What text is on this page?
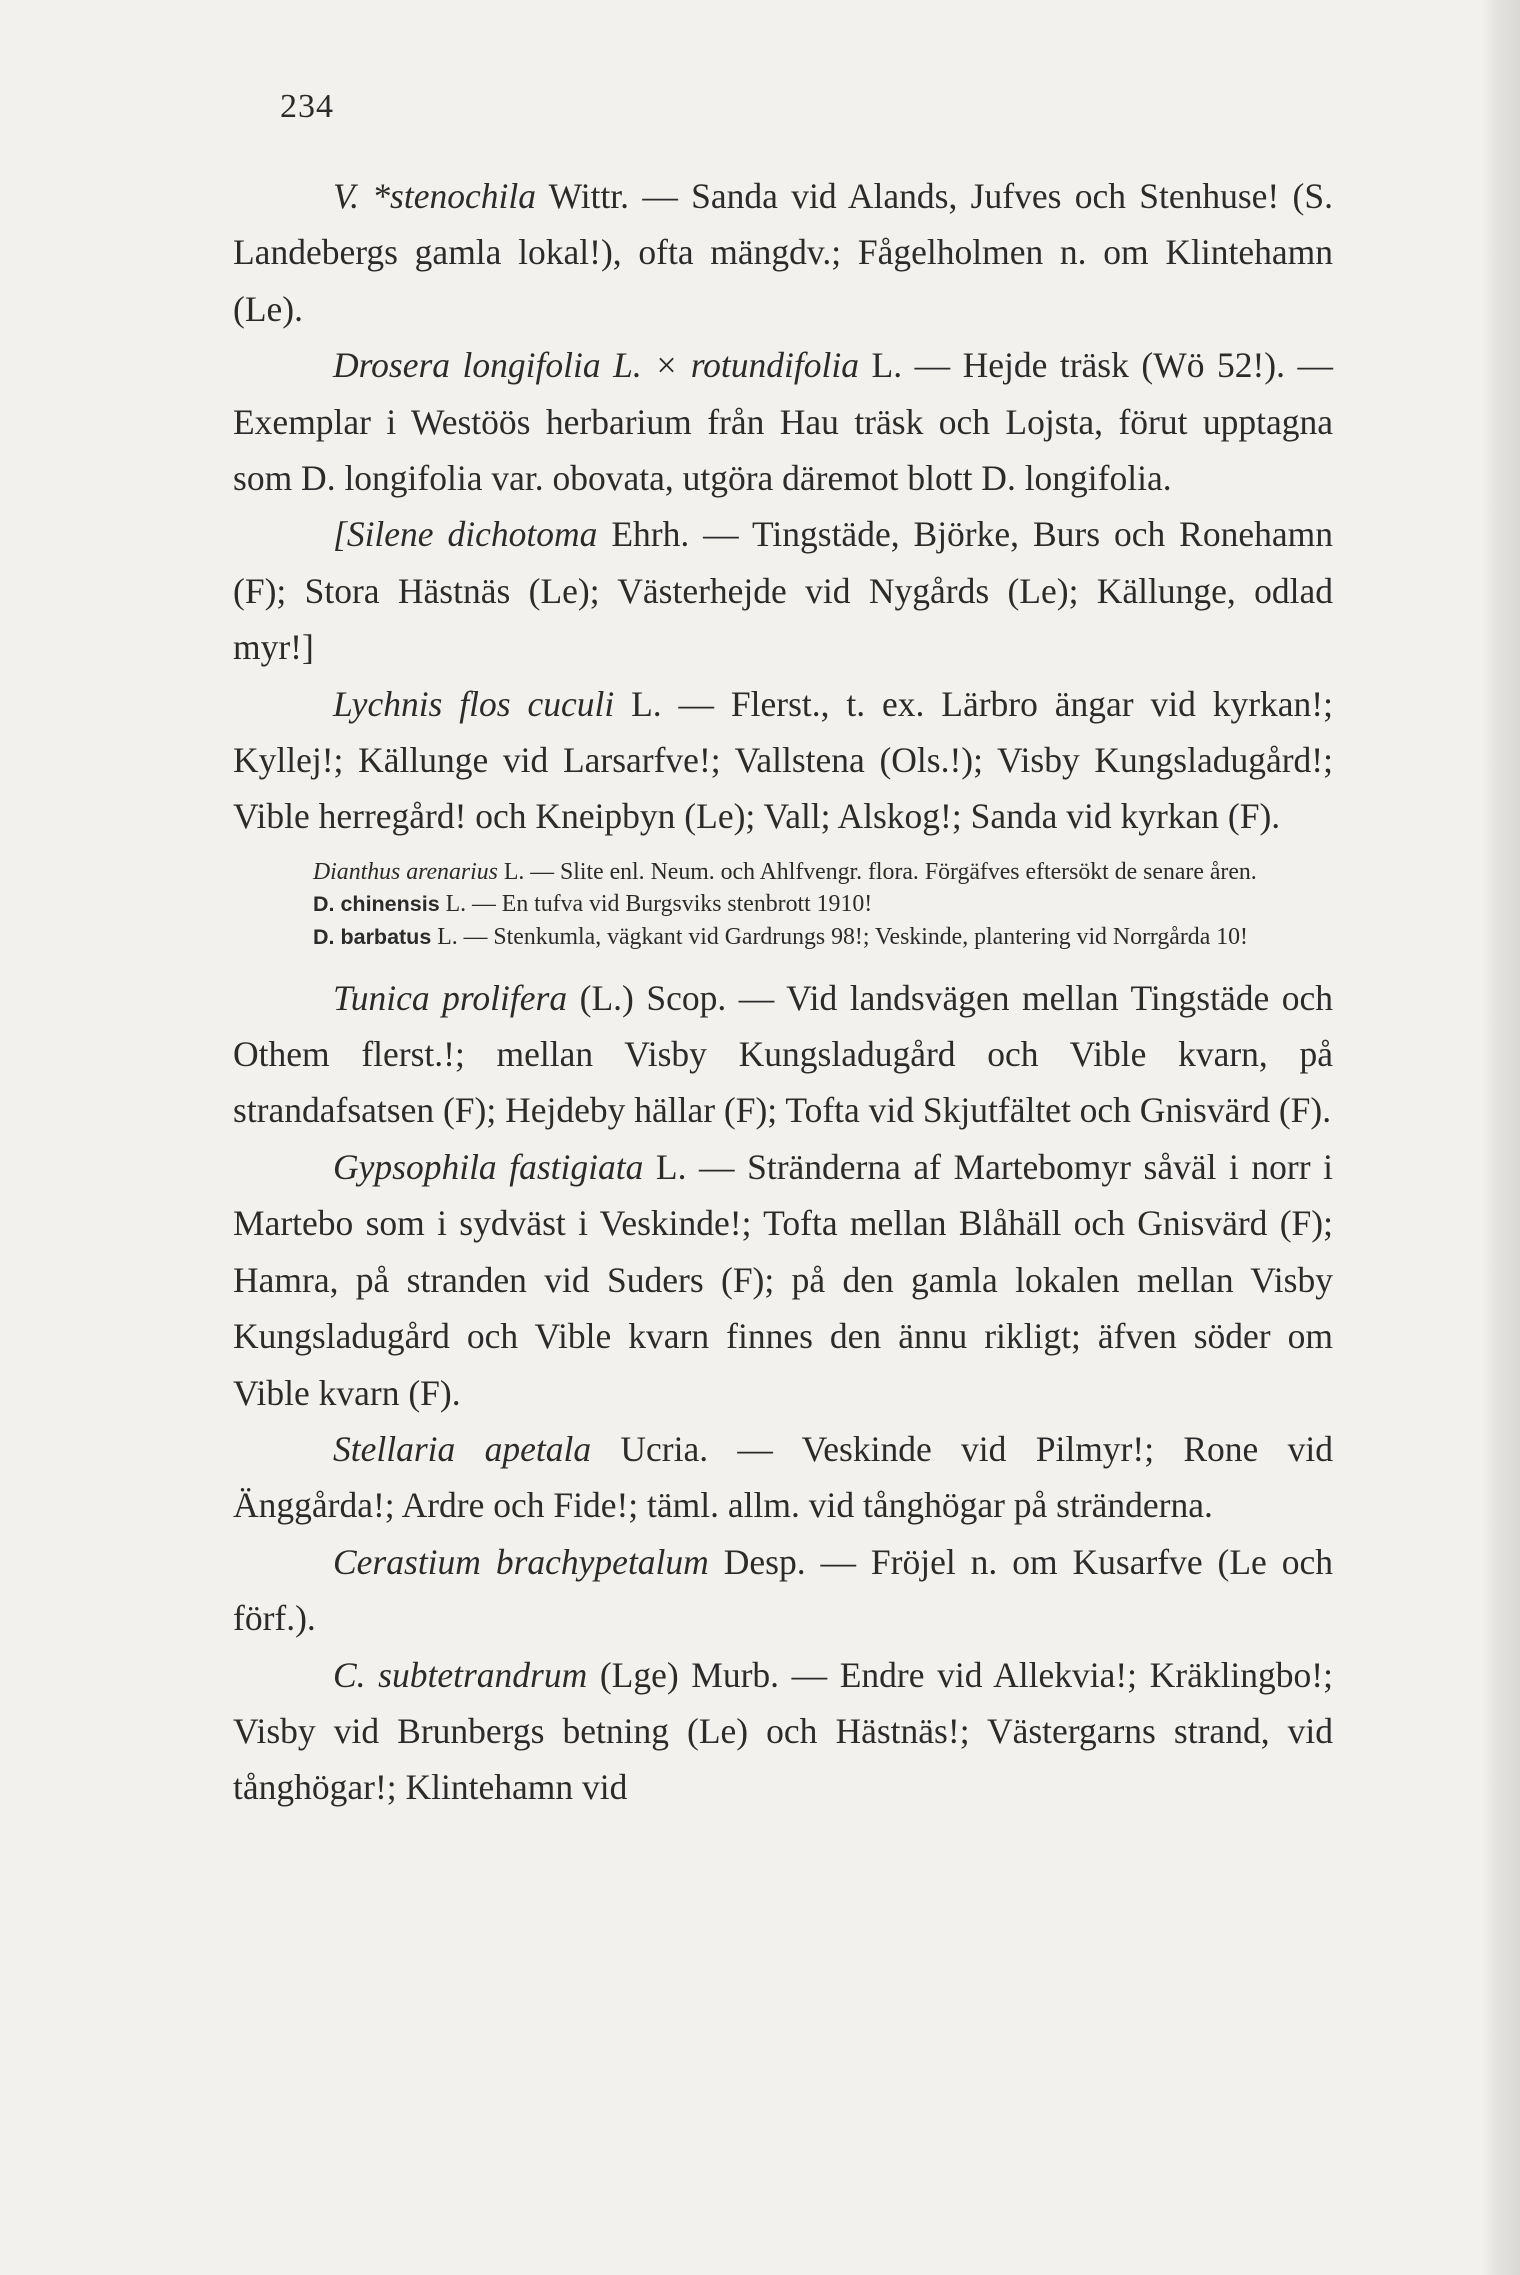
234

V. *stenochila Wittr. — Sanda vid Alands, Jufves och Stenhuse! (S. Landebergs gamla lokal!), ofta mängdv.; Fågelholmen n. om Klintehamn (Le).

Drosera longifolia L. × rotundifolia L. — Hejde träsk (Wö 52!). — Exemplar i Westöös herbarium från Hau träsk och Lojsta, förut upptagna som D. longifolia var. obovata, utgöra däremot blott D. longifolia.

[Silene dichotoma Ehrh. — Tingstäde, Björke, Burs och Ronehamn (F); Stora Hästnäs (Le); Västerhejde vid Nygårds (Le); Källunge, odlad myr!]

Lychnis flos cuculi L. — Flerst., t. ex. Lärbro ängar vid kyrkan!; Kyllej!; Källunge vid Larsarfve!; Vallstena (Ols.!); Visby Kungsladugård!; Vible herregård! och Kneipbyn (Le); Vall; Alskog!; Sanda vid kyrkan (F).

Dianthus arenarius L. — Slite enl. Neum. och Ahlfvengr. flora. Förgäfves eftersökt de senare åren.

D. chinensis L. — En tufva vid Burgsviks stenbrott 1910!

D. barbatus L. — Stenkumla, vägkant vid Gardrungs 98!; Veskinde, plantering vid Norrgårda 10!

Tunica prolifera (L.) Scop. — Vid landsvägen mellan Tingstäde och Othem flerst.!; mellan Visby Kungsladugård och Vible kvarn, på strandafsatsen (F); Hejdeby hällar (F); Tofta vid Skjutfältet och Gnisvärd (F).

Gypsophila fastigiata L. — Stränderna af Martebomyr såväl i norr i Martebo som i sydväst i Veskinde!; Tofta mellan Blåhäll och Gnisvärd (F); Hamra, på stranden vid Suders (F); på den gamla lokalen mellan Visby Kungsladugård och Vible kvarn finnes den ännu rikligt; äfven söder om Vible kvarn (F).

Stellaria apetala Ucria. — Veskinde vid Pilmyr!; Rone vid Änggårda!; Ardre och Fide!; täml. allm. vid tånghögar på stränderna.

Cerastium brachypetalum Desp. — Fröjel n. om Kusarfve (Le och förf.).

C. subtetrandrum (Lge) Murb. — Endre vid Allekvia!; Kräklingbo!; Visby vid Brunbergs betning (Le) och Hästnäs!; Västergarns strand, vid tånghögar!; Klintehamn vid
